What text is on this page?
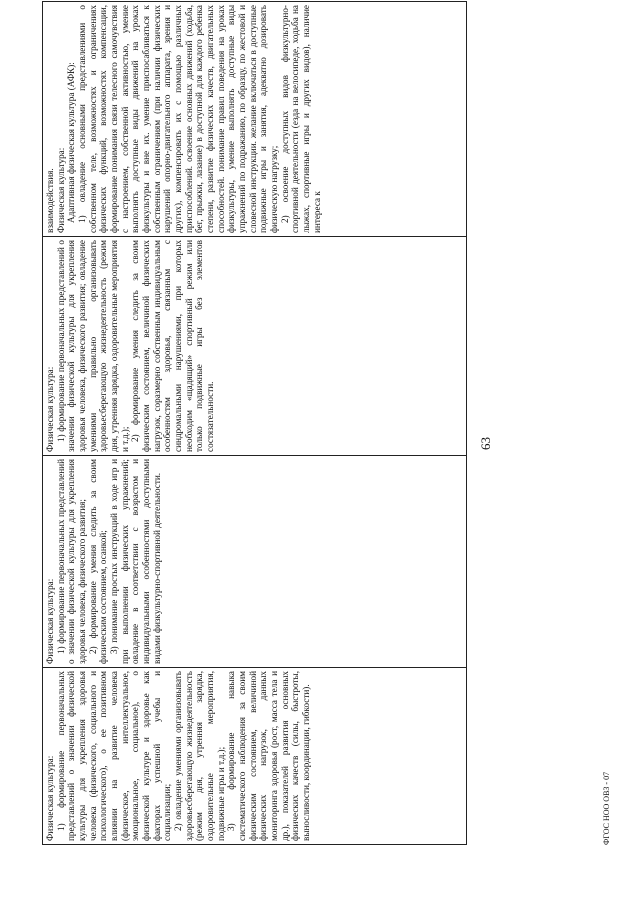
Физическая культура: 1) формирование первоначальных представлений о значении физической культуры для укрепления здоровья человека (физического, социального и психологического), о ее позитивном влиянии на развитие человека (физическое, интеллектуальное, эмоциональное, социальное), о физической культуре и здоровье как факторах успешной учебы и социализации; 2) овладение умениями организовывать здоровьесберегающую жизнедеятельность (режим дня, утренняя зарядка, оздоровительные мероприятия, подвижные игры и т.д.); 3) формирование навыка систематического наблюдения за своим физическим состоянием, величиной физических нагрузок, данных мониторинга здоровья (рост, масса тела и др.), показателей развития основных физических качеств (силы, быстроты, выносливости, координации, гибкости).

Физическая культура: 1) формирование первоначальных представлений о значении физической культуры для укрепления здоровья человека, физического развития; 2) формирование умения следить за своим физическим состоянием, осанкой; 3) понимание простых инструкций в ходе игр и при выполнении физических упражнений; овладение в соответствии с возрастом и индивидуальными особенностями доступными видами физкультурно-спортивной деятельности.

Физическая культура: 1) формирование первоначальных представлений о значении физической культуры для укрепления здоровья человека, физического развития; овладение умениями правильно организовывать здоровьесберегающую жизнедеятельность (режим дня, утренняя зарядка, оздоровительные мероприятия и т.д.); 2) формирование умения следить за своим физическим состоянием, величиной физических нагрузок, соразмерно собственным индивидуальным особенностям здоровья, связанным с синдромальными нарушениями, при которых необходим «щадящий» спортивный режим или только подвижные игры без элементов состязательности.

взаимодействия. Физическая культура: Адаптивная физическая культура (АФК): 1) овладение основными представлениями о собственном теле, возможностях и ограничениях физических функций, возможностях компенсации, формирование понимания связи телесного самочувствия с настроением, собственной активностью, умение выполнять доступные виды движений на уроках физкультуры и вне их. умение приспосабливаться к собственным ограничениям (при наличии физических нарушений опорно-двигательного аппарата, зрения и других), компенсировать их с помощью различных приспособлений. освоение основных движений (ходьба, бег, прыжки, лазание) в доступной для каждого ребенка степени, развитие физических качеств, двигательных способностей. понимание правил поведения на уроках физкультуры, умение выполнять доступные виды упражнений по подражанию, по образцу, по жестовой и словесной инструкции. желание включаться в доступные подвижные игры и занятия, адекватно дозировать физическую нагрузку; 2) освоение доступных видов физкультурно-спортивной деятельности (езда на велосипеде, ходьба на лыжах, спортивные игры и других видов), наличие интереса к
63
ФГОС НОО ОВЗ - 07
